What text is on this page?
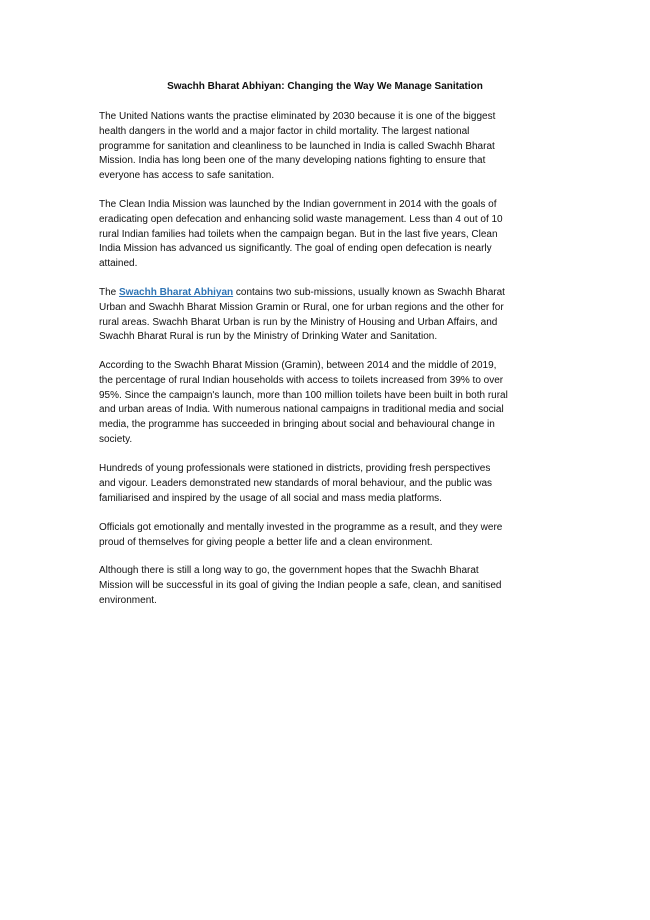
Swachh Bharat Abhiyan: Changing the Way We Manage Sanitation
The United Nations wants the practise eliminated by 2030 because it is one of the biggest
health dangers in the world and a major factor in child mortality. The largest national
programme for sanitation and cleanliness to be launched in India is called Swachh Bharat
Mission. India has long been one of the many developing nations fighting to ensure that
everyone has access to safe sanitation.
The Clean India Mission was launched by the Indian government in 2014 with the goals of
eradicating open defecation and enhancing solid waste management. Less than 4 out of 10
rural Indian families had toilets when the campaign began. But in the last five years, Clean
India Mission has advanced us significantly. The goal of ending open defecation is nearly
attained.
The Swachh Bharat Abhiyan contains two sub-missions, usually known as Swachh Bharat
Urban and Swachh Bharat Mission Gramin or Rural, one for urban regions and the other for
rural areas. Swachh Bharat Urban is run by the Ministry of Housing and Urban Affairs, and
Swachh Bharat Rural is run by the Ministry of Drinking Water and Sanitation.
According to the Swachh Bharat Mission (Gramin), between 2014 and the middle of 2019,
the percentage of rural Indian households with access to toilets increased from 39% to over
95%. Since the campaign's launch, more than 100 million toilets have been built in both rural
and urban areas of India. With numerous national campaigns in traditional media and social
media, the programme has succeeded in bringing about social and behavioural change in
society.
Hundreds of young professionals were stationed in districts, providing fresh perspectives
and vigour. Leaders demonstrated new standards of moral behaviour, and the public was
familiarised and inspired by the usage of all social and mass media platforms.
Officials got emotionally and mentally invested in the programme as a result, and they were
proud of themselves for giving people a better life and a clean environment.
Although there is still a long way to go, the government hopes that the Swachh Bharat
Mission will be successful in its goal of giving the Indian people a safe, clean, and sanitised
environment.
